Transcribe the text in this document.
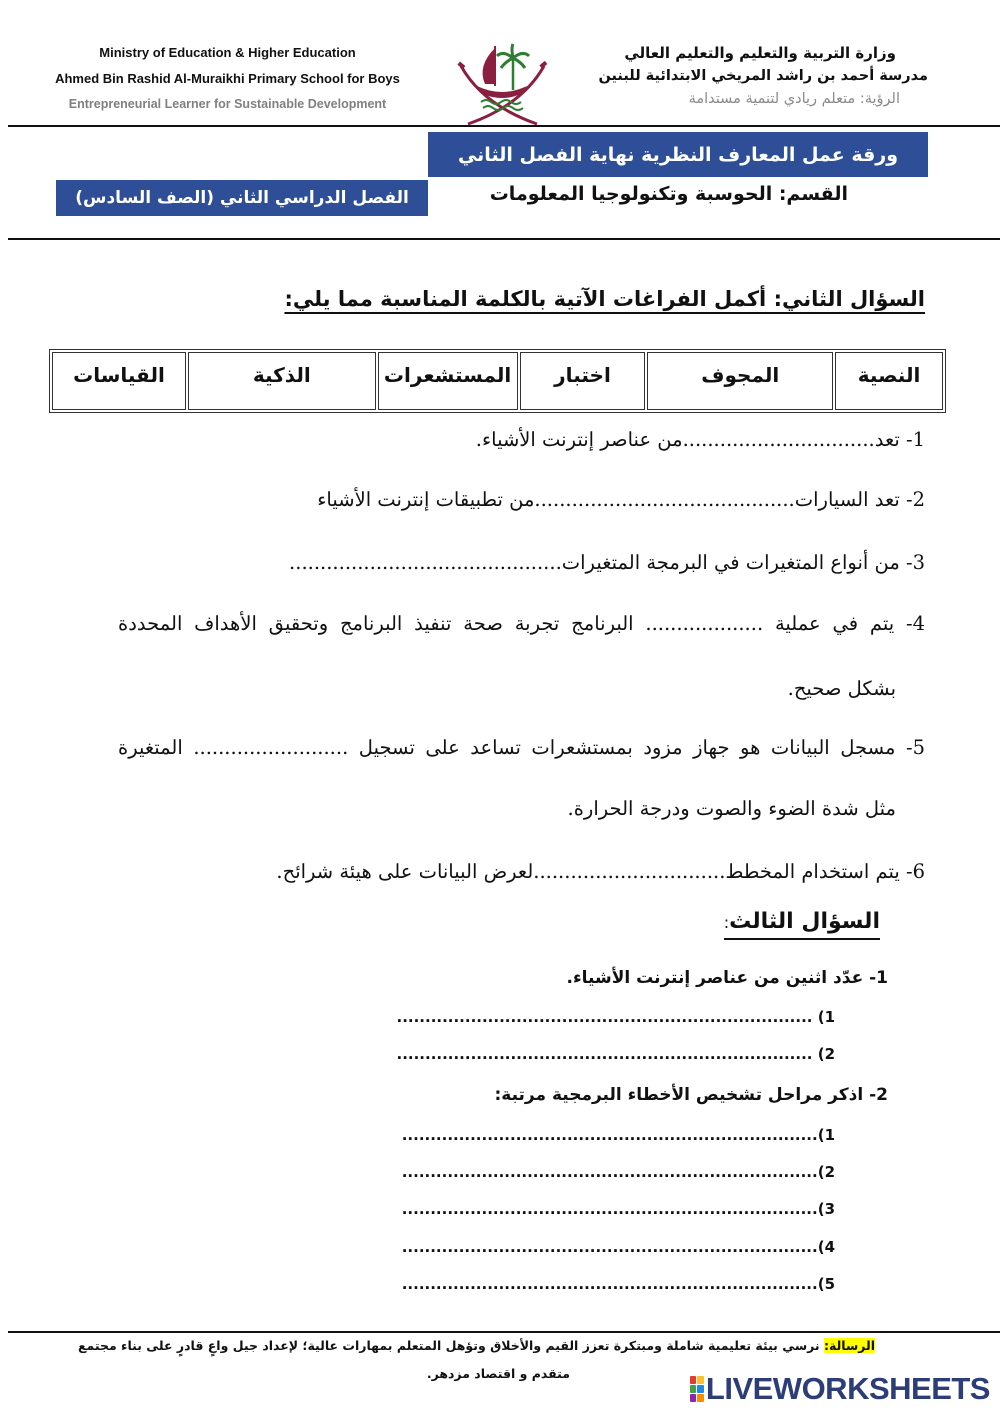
Ministry of Education & Higher Education
Ahmed Bin Rashid Al-Muraikhi Primary School for Boys
Entrepreneurial Learner for Sustainable Development
وزارة التربية والتعليم والتعليم العالي
مدرسة أحمد بن راشد المريخي الابتدائية للبنين
الرؤية: متعلم ريادي لتنمية مستدامة
ورقة عمل المعارف النظرية نهاية الفصل الثاني
القسم: الحوسبة وتكنولوجيا المعلومات
الفصل الدراسي الثاني (الصف السادس)
السؤال الثاني: أكمل الفراغات الآتية بالكلمة المناسبة مما يلي:
النصية	المجوف	اختبار	المستشعرات	الذكية	القياسات
1- تعد...............................من عناصر إنترنت الأشياء.
2- تعد السيارات..........................................من تطبيقات إنترنت الأشياء
3- من أنواع المتغيرات في البرمجة المتغيرات............................................
4- يتم في عملية ................... البرنامج تجربة صحة تنفيذ البرنامج وتحقيق الأهداف المحددة
بشكل صحيح.
5- مسجل البيانات هو جهاز مزود بمستشعرات تساعد على تسجيل ......................... المتغيرة
مثل شدة الضوء والصوت ودرجة الحرارة.
6- يتم استخدام المخطط...............................لعرض البيانات على هيئة شرائح.
السؤال الثالث:
1- عدّد اثنين من عناصر إنترنت الأشياء.
1) .........................................................................
2) .........................................................................
2- اذكر مراحل تشخيص الأخطاء البرمجية مرتبة:
1).........................................................................
2).........................................................................
3).........................................................................
4).........................................................................
5).........................................................................
الرسالة: نرسي بيئة تعليمية شاملة ومبتكرة تعزز القيم والأخلاق وتؤهل المتعلم بمهارات عالية؛ لإعداد جيل واعٍ قادرٍ على بناء مجتمع
متقدم و اقتصاد مزدهر.	LIVEWORKSHEETS
